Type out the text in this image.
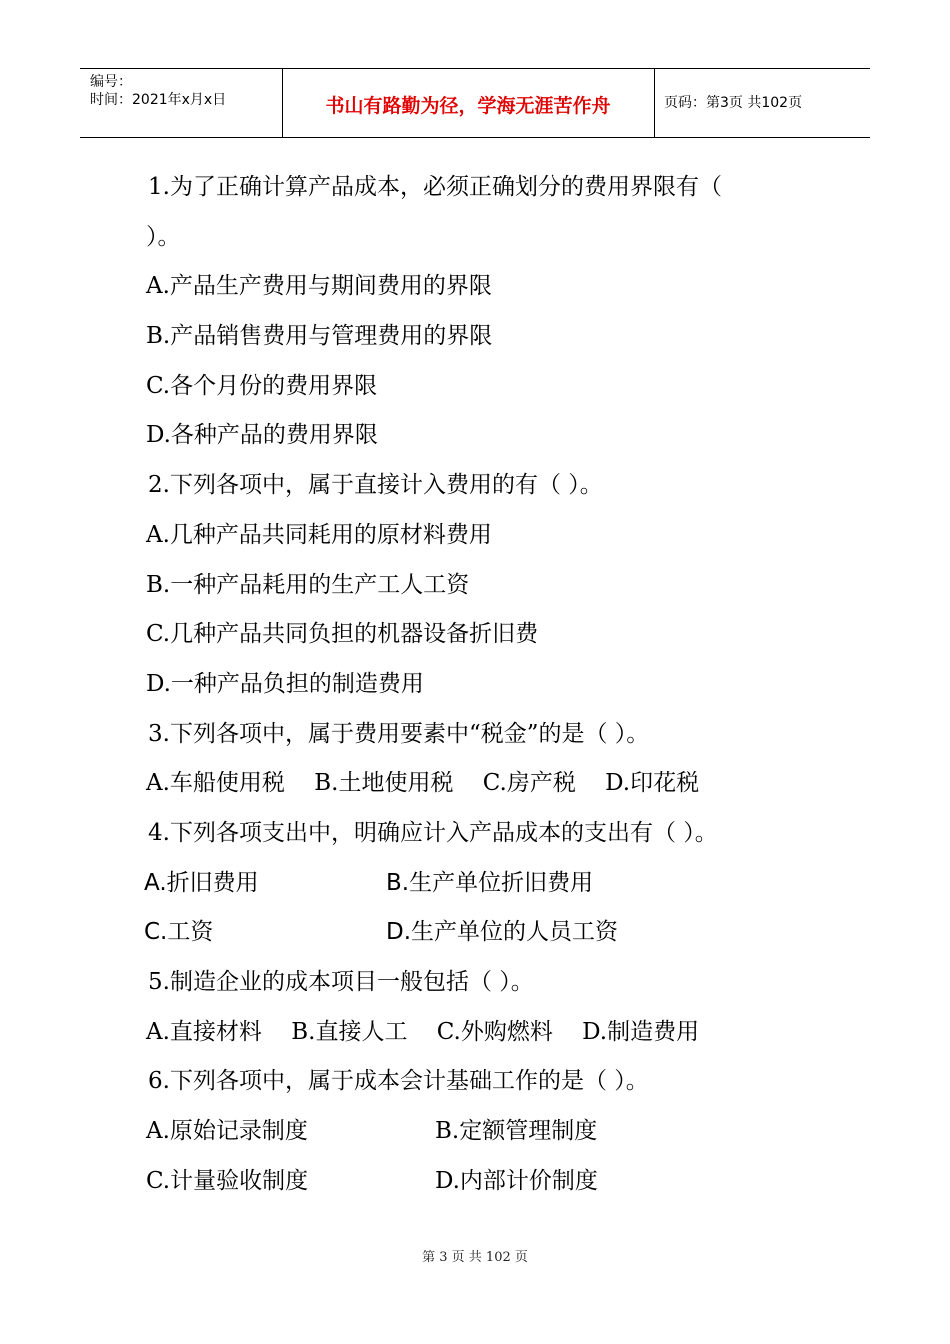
编号：
时间：2021年x月x日	书山有路勤为径，学海无涯苦作舟	页码：第3页 共102页
1.为了正确计算产品成本，必须正确划分的费用界限有（
）。
A.产品生产费用与期间费用的界限
B.产品销售费用与管理费用的界限
C.各个月份的费用界限
D.各种产品的费用界限
2.下列各项中，属于直接计入费用的有（ ）。
A.几种产品共同耗用的原材料费用
B.一种产品耗用的生产工人工资
C.几种产品共同负担的机器设备折旧费
D.一种产品负担的制造费用
3.下列各项中，属于费用要素中“税金”的是（ ）。
A.车船使用税 B.土地使用税 C.房产税 D.印花税
4.下列各项支出中，明确应计入产品成本的支出有（ ）。
A.折旧费用	B.生产单位折旧费用
C.工资	D.生产单位的人员工资
5.制造企业的成本项目一般包括（ ）。
A.直接材料 B.直接人工 C.外购燃料 D.制造费用
6.下列各项中，属于成本会计基础工作的是（ ）。
A.原始记录制度	B.定额管理制度
C.计量验收制度	D.内部计价制度
第 3 页 共 102 页
